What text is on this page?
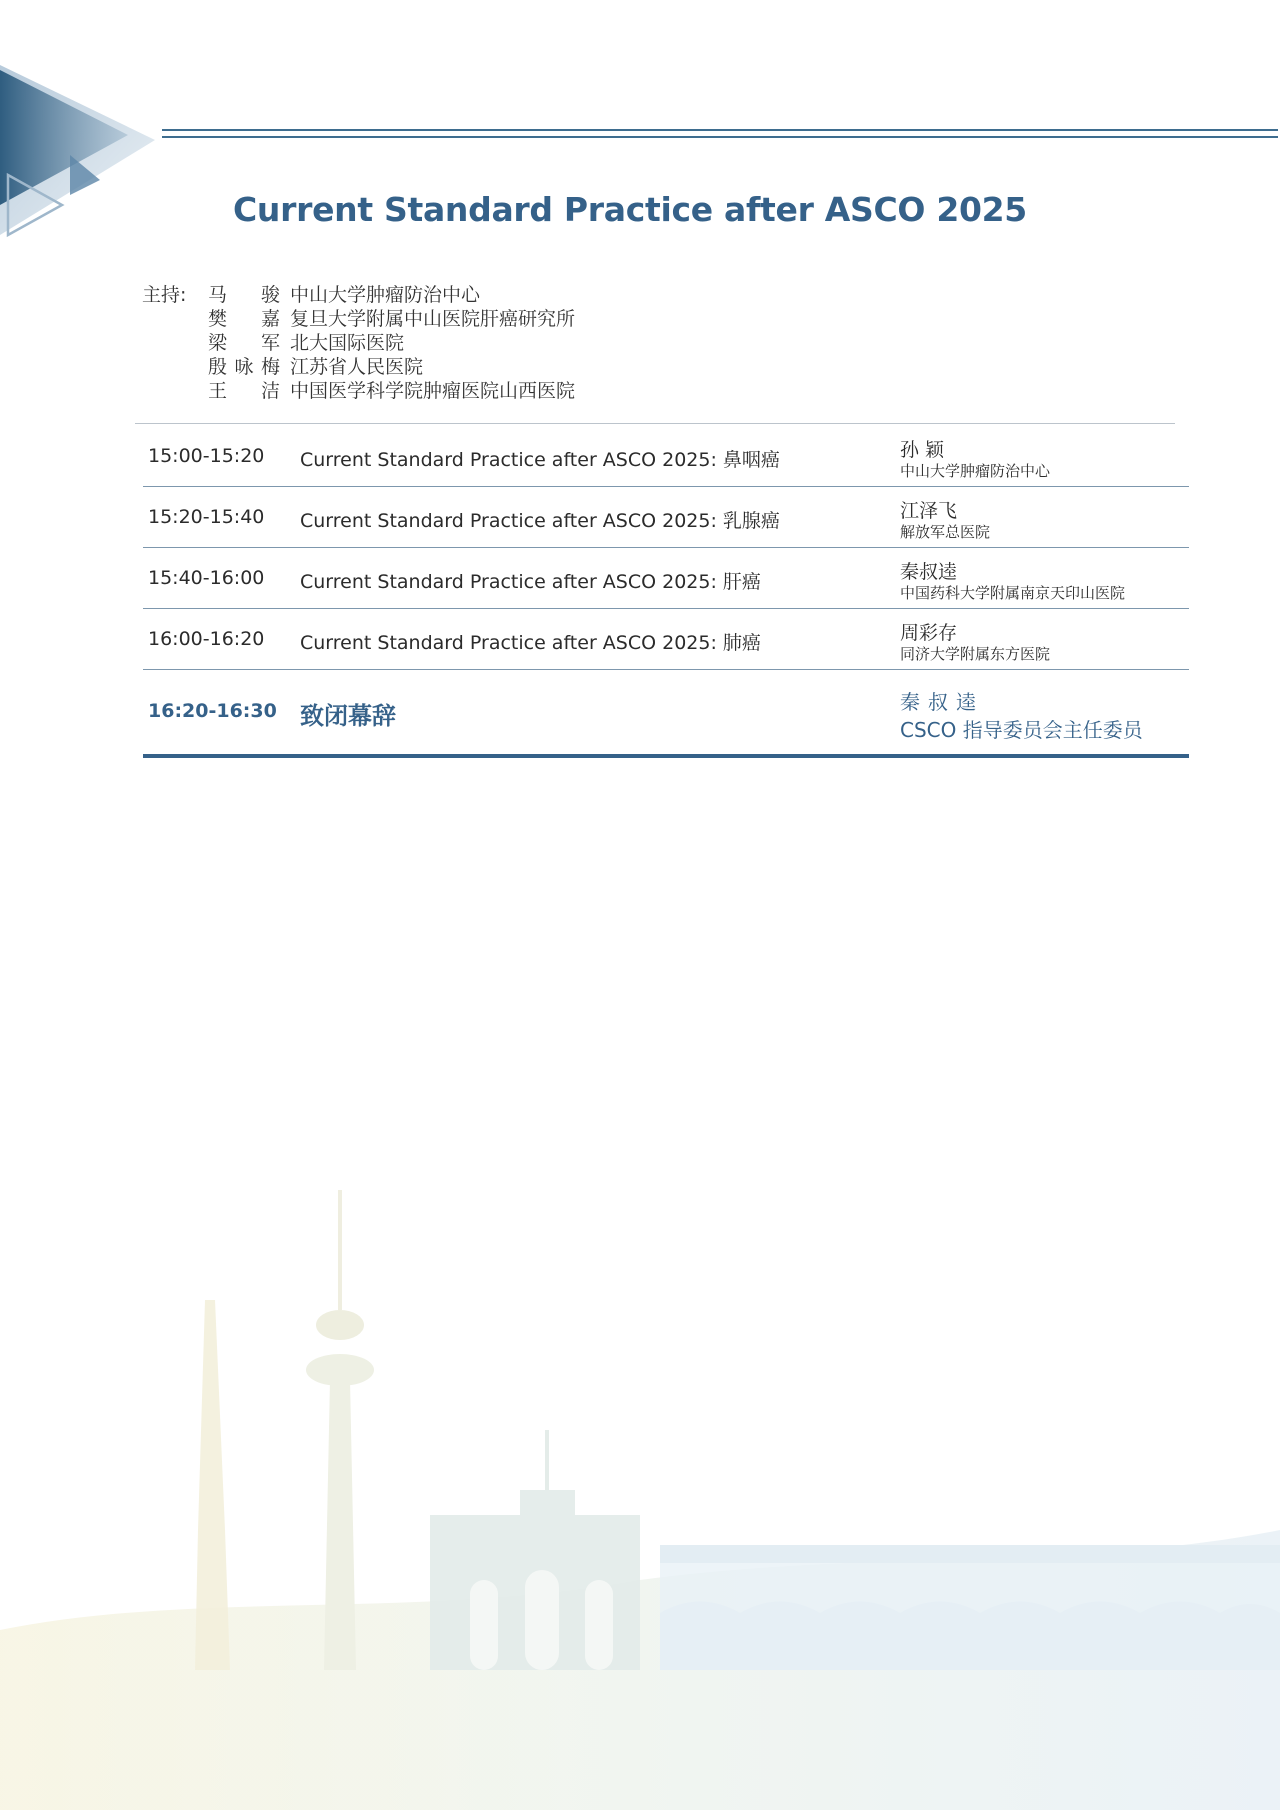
Current Standard Practice after ASCO 2025
主持:	马 骏 中山大学肿瘤防治中心
樊 嘉 复旦大学附属中山医院肝癌研究所
梁 军 北大国际医院
殷咏梅 江苏省人民医院
王 洁 中国医学科学院肿瘤医院山西医院
15:00-15:20 Current Standard Practice after ASCO 2025: 鼻咽癌	孙 颖
中山大学肿瘤防治中心
15:20-15:40 Current Standard Practice after ASCO 2025: 乳腺癌	江泽飞
解放军总医院
15:40-16:00 Current Standard Practice after ASCO 2025: 肝癌	秦叔逵
中国药科大学附属南京天印山医院
16:00-16:20 Current Standard Practice after ASCO 2025: 肺癌	周彩存
同济大学附属东方医院
16:20-16:30 致闭幕辞	秦叔逵
CSCO 指导委员会主任委员
